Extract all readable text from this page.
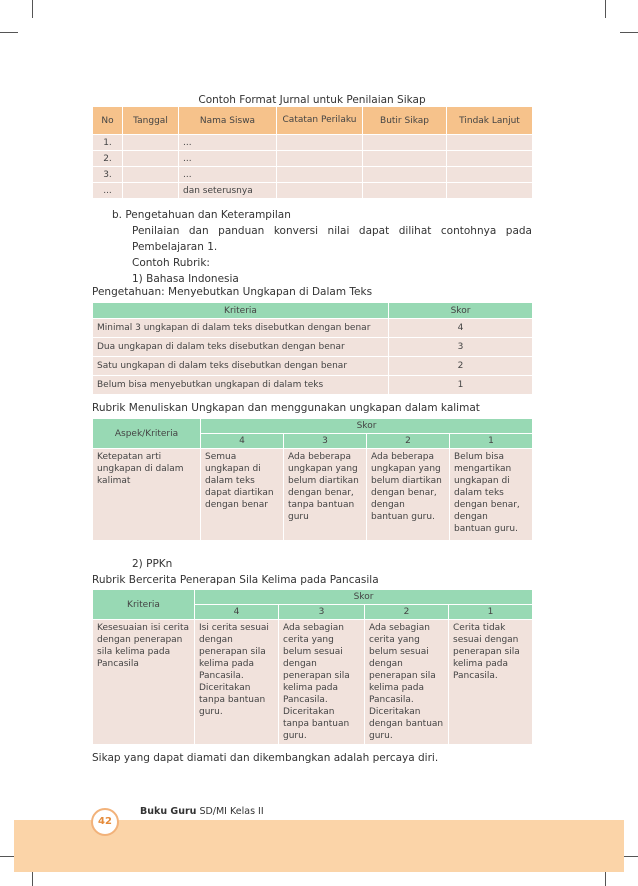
Contoh Format Jurnal untuk Penilaian Sikap
No	Tanggal	Nama Siswa	Catatan Perilaku	Butir Sikap	Tindak Lanjut
1.		...			
2.		...			
3.		...			
...		dan seterusnya			

b. Pengetahuan dan Keterampilan

Penilaian dan panduan konversi nilai dapat dilihat contohnya pada Pembelajaran 1.

Contoh Rubrik:

1) Bahasa Indonesia

Pengetahuan: Menyebutkan Ungkapan di Dalam Teks
Kriteria	Skor
Minimal 3 ungkapan di dalam teks disebutkan dengan benar	4
Dua ungkapan di dalam teks disebutkan dengan benar	3
Satu ungkapan di dalam teks disebutkan dengan benar	2
Belum bisa menyebutkan ungkapan di dalam teks	1
Rubrik Menuliskan Ungkapan dan menggunakan ungkapan dalam kalimat
Aspek/Kriteria	Skor			
	4	3	2	1
Ketepatan arti ungkapan di dalam kalimat	Semua ungkapan di dalam teks dapat diartikan dengan benar	Ada beberapa ungkapan yang belum diartikan dengan benar, tanpa bantuan guru	Ada beberapa ungkapan yang belum diartikan dengan benar, dengan bantuan guru.	Belum bisa mengartikan ungkapan di dalam teks dengan benar, dengan bantuan guru.
2) PPKn
Rubrik Bercerita Penerapan Sila Kelima pada Pancasila
Kriteria	Skor			
	4	3	2	1
Kesesuaian isi cerita dengan penerapan sila kelima pada Pancasila	Isi cerita sesuai dengan penerapan sila kelima pada Pancasila. Diceritakan tanpa bantuan guru.	Ada sebagian cerita yang belum sesuai dengan penerapan sila kelima pada Pancasila. Diceritakan tanpa bantuan guru.	Ada sebagian cerita yang belum sesuai dengan penerapan sila kelima pada Pancasila. Diceritakan dengan bantuan guru.	Cerita tidak sesuai dengan penerapan sila kelima pada Pancasila.
Sikap yang dapat diamati dan dikembangkan adalah percaya diri.
42
Buku Guru SD/MI Kelas II
